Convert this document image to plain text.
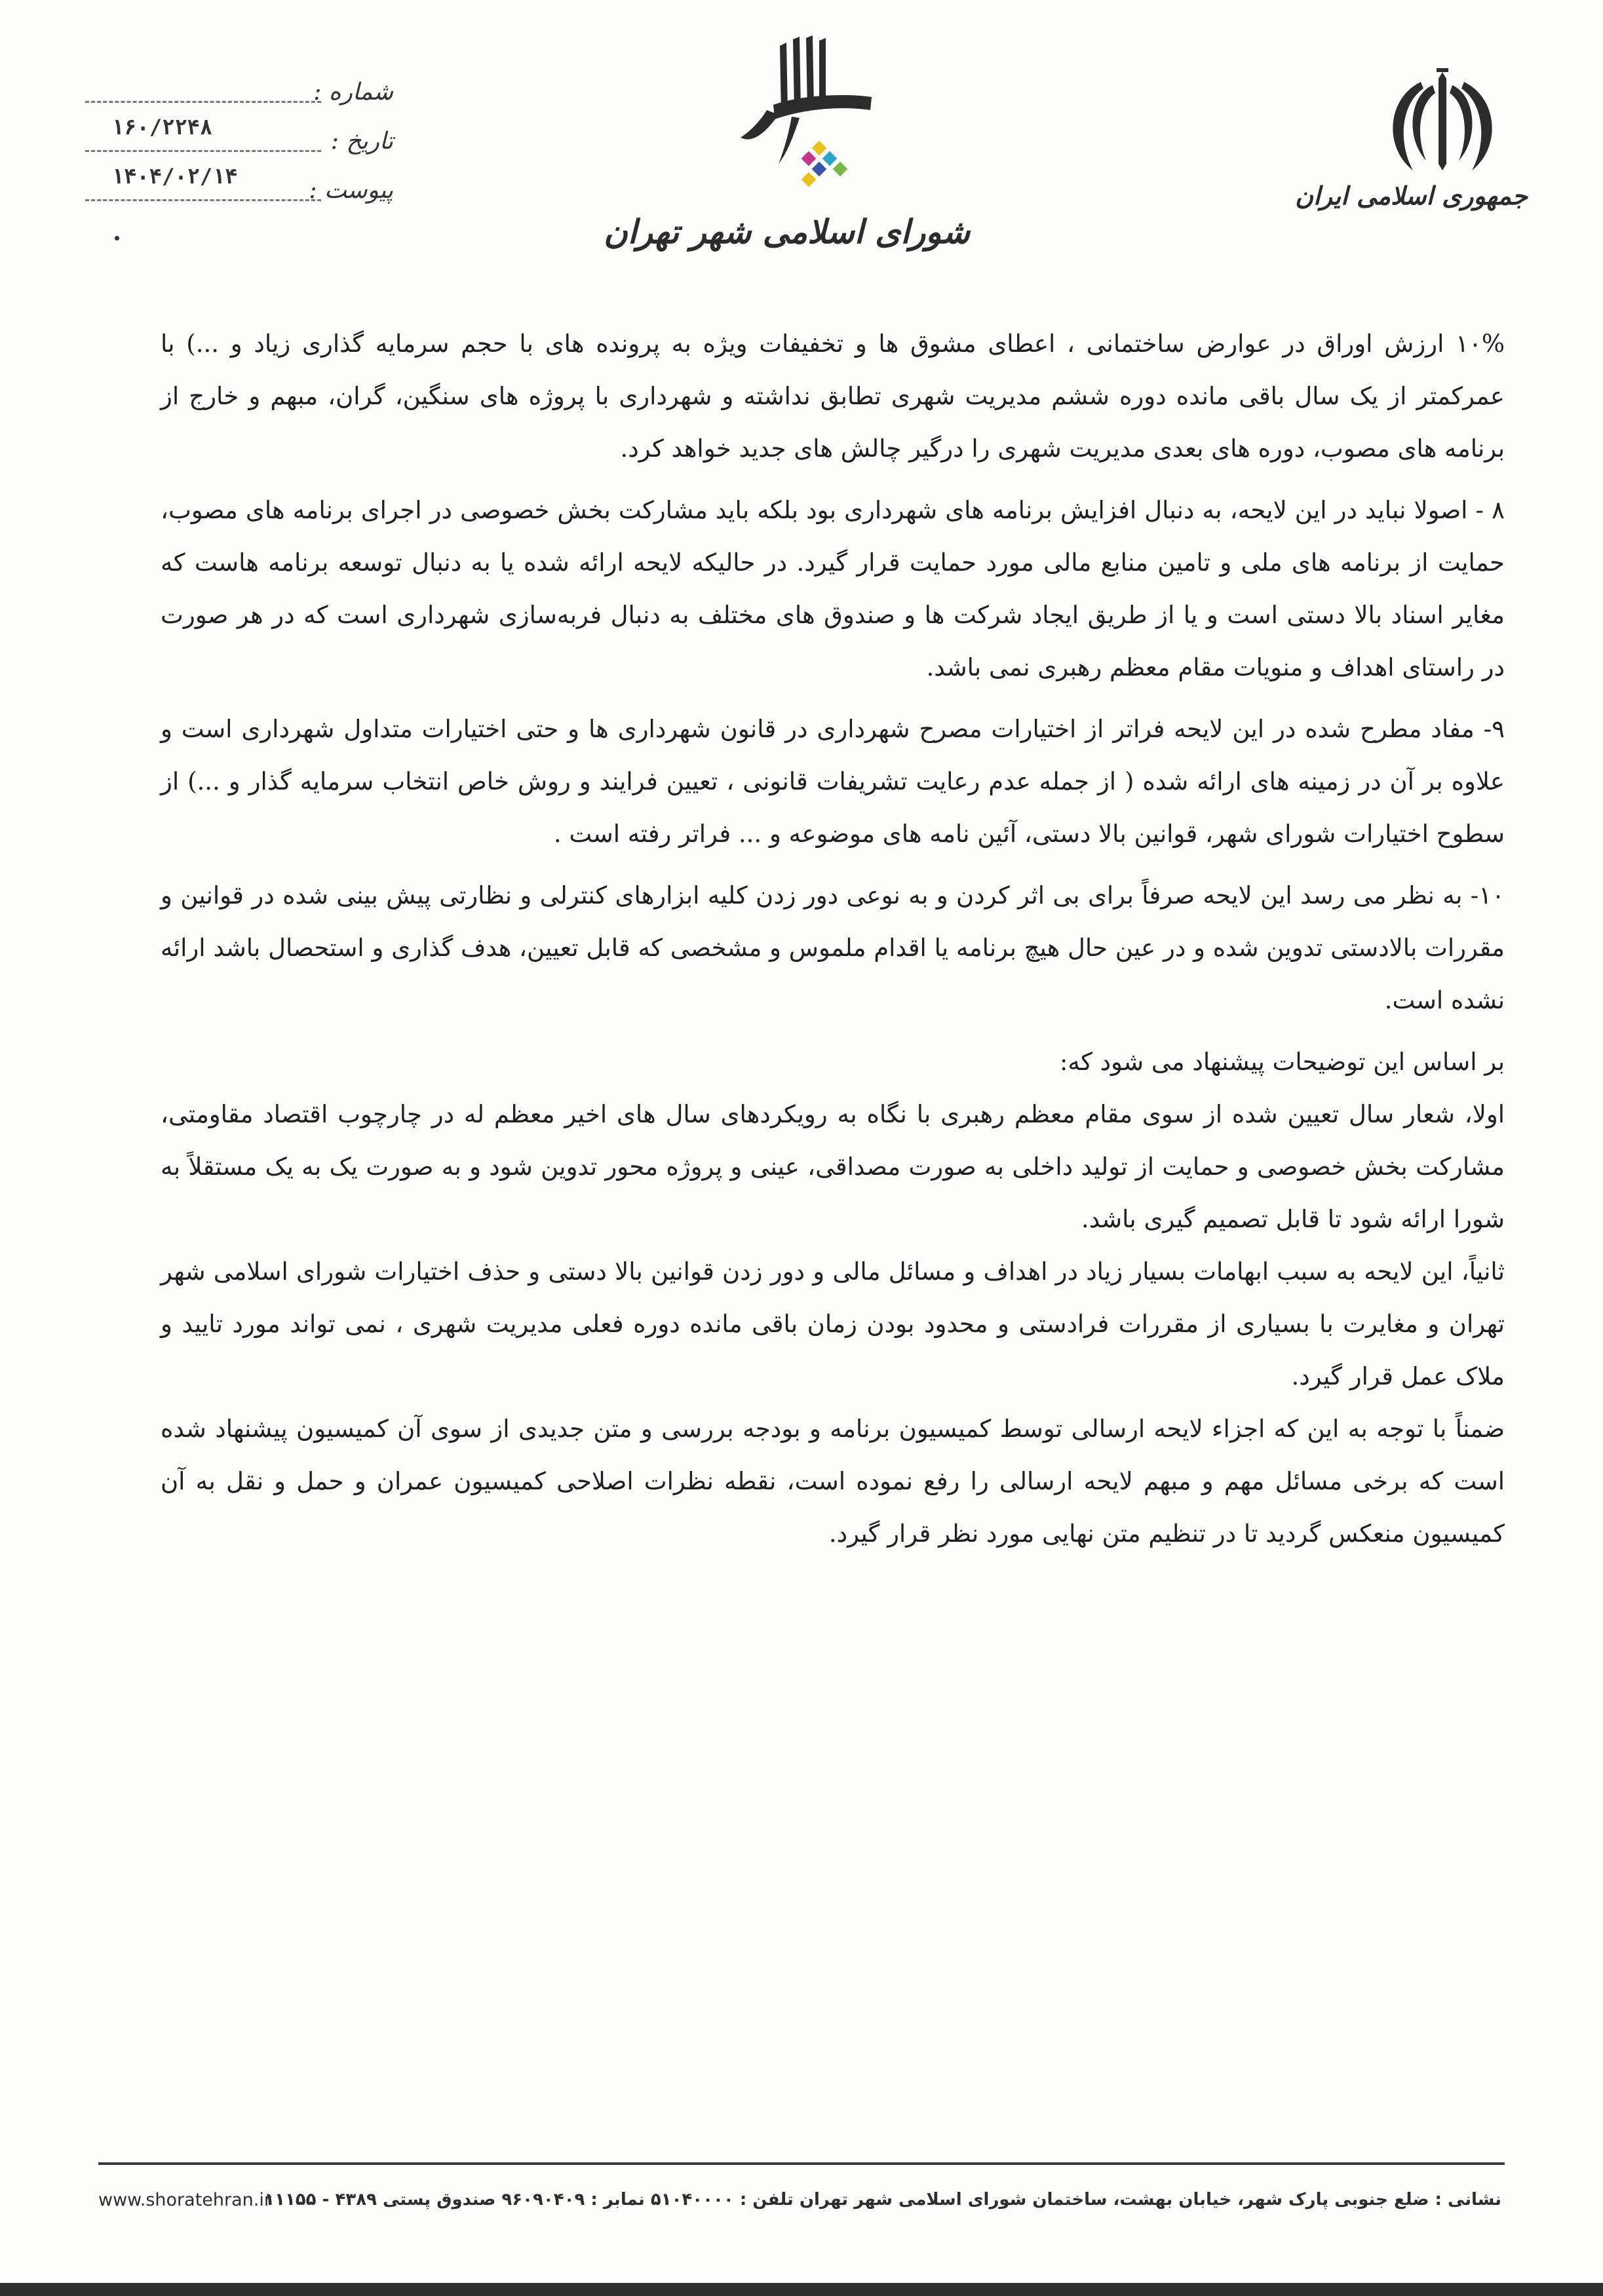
جمهوری اسلامی ایران
شورای اسلامی شهر تهران
شماره :
۱۶۰/۲۲۴۸
تاریخ :
۱۴۰۴/۰۲/۱۴
پیوست :

۱۰% ارزش اوراق در عوارض ساختمانی ، اعطای مشوق ها و تخفیفات ویژه به پرونده های با حجم سرمایه گذاری زیاد و ...) با عمرکمتر از یک سال باقی مانده دوره ششم مدیریت شهری تطابق نداشته و شهرداری با پروژه های سنگین، گران، مبهم و خارج از برنامه های مصوب، دوره های بعدی مدیریت شهری را درگیر چالش های جدید خواهد کرد.

۸ - اصولا نباید در این لایحه، به دنبال افزایش برنامه های شهرداری بود بلکه باید مشارکت بخش خصوصی در اجرای برنامه های مصوب، حمایت از برنامه های ملی و تامین منابع مالی مورد حمایت قرار گیرد. در حالیکه لایحه ارائه شده یا به دنبال توسعه برنامه هاست که مغایر اسناد بالا دستی است و یا از طریق ایجاد شرکت ها و صندوق های مختلف به دنبال فربه‌سازی شهرداری است که در هر صورت در راستای اهداف و منویات مقام معظم رهبری نمی باشد.

۹- مفاد مطرح شده در این لایحه فراتر از اختیارات مصرح شهرداری در قانون شهرداری ها و حتی اختیارات متداول شهرداری است و علاوه بر آن در زمینه های ارائه شده ( از جمله عدم رعایت تشریفات قانونی ، تعیین فرایند و روش خاص انتخاب سرمایه گذار و ...) از سطوح اختیارات شورای شهر، قوانین بالا دستی، آئین نامه های موضوعه و ... فراتر رفته است .

۱۰- به نظر می رسد این لایحه صرفاً برای بی اثر کردن و به نوعی دور زدن کلیه ابزارهای کنترلی و نظارتی پیش بینی شده در قوانین و مقررات بالادستی تدوین شده و در عین حال هیچ برنامه یا اقدام ملموس و مشخصی که قابل تعیین، هدف گذاری و استحصال باشد ارائه نشده است.

بر اساس این توضیحات پیشنهاد می شود که:

اولا، شعار سال تعیین شده از سوی مقام معظم رهبری با نگاه به رویکردهای سال های اخیر معظم له در چارچوب اقتصاد مقاومتی، مشارکت بخش خصوصی و حمایت از تولید داخلی به صورت مصداقی، عینی و پروژه محور تدوین شود و به صورت یک به یک مستقلاً به شورا ارائه شود تا قابل تصمیم گیری باشد.

ثانیاً، این لایحه به سبب ابهامات بسیار زیاد در اهداف و مسائل مالی و دور زدن قوانین بالا دستی و حذف اختیارات شورای اسلامی شهر تهران و مغایرت با بسیاری از مقررات فرادستی و محدود بودن زمان باقی مانده دوره فعلی مدیریت شهری ، نمی تواند مورد تایید و ملاک عمل قرار گیرد.

ضمناً با توجه به این که اجزاء لایحه ارسالی توسط کمیسیون برنامه و بودجه بررسی و متن جدیدی از سوی آن کمیسیون پیشنهاد شده است که برخی مسائل مهم و مبهم لایحه ارسالی را رفع نموده است، نقطه نظرات اصلاحی کمیسیون عمران و حمل و نقل به آن کمیسیون منعکس گردید تا در تنظیم متن نهایی مورد نظر قرار گیرد.

نشانی : ضلع جنوبی پارک شهر، خیابان بهشت، ساختمان شورای اسلامی شهر تهران تلفن : ۵۱۰۴۰۰۰۰ نمابر : ۹۶۰۹۰۴۰۹ صندوق پستی ۴۳۸۹ - ۱۱۱۵۵
www.shoratehran.ir
